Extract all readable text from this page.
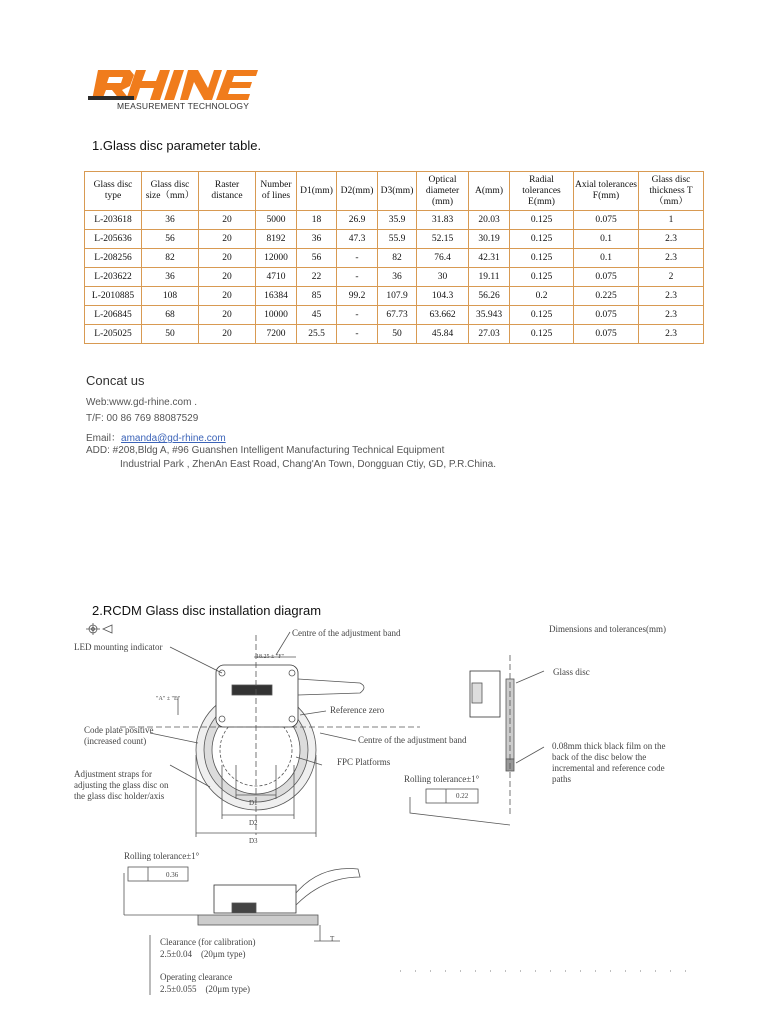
MEASUREMENT TECHNOLOGY
1.Glass disc parameter table.
Glass disc type	Glass disc size（mm）	Raster distance	Number of lines	D1(mm)	D2(mm)	D3(mm)	Optical diameter (mm)	A(mm)	Radial tolerances E(mm)	Axial tolerances F(mm)	Glass disc thickness T（mm）
L-203618	36	20	5000	18	26.9	35.9	31.83	20.03	0.125	0.075	1
L-205636	56	20	8192	36	47.3	55.9	52.15	30.19	0.125	0.1	2.3
L-208256	82	20	12000	56	-	82	76.4	42.31	0.125	0.1	2.3
L-203622	36	20	4710	22	-	36	30	19.11	0.125	0.075	2
L-2010885	108	20	16384	85	99.2	107.9	104.3	56.26	0.2	0.225	2.3
L-206845	68	20	10000	45	-	67.73	63.662	35.943	0.125	0.075	2.3
L-205025	50	20	7200	25.5	-	50	45.84	27.03	0.125	0.075	2.3
Concat us
Web:www.gd-rhine.com .
T/F: 00 86 769 88087529
Email：amanda@gd-rhine.com
ADD: #208,Bldg A, #96 Guanshen Intelligent Manufacturing Technical Equipment
Industrial Park , ZhenAn East Road, Chang'An Town, Dongguan Ctiy, GD, P.R.China.
2.RCDM Glass disc installation diagram
LED mounting indicator
Centre of the adjustment band	Dimensions and tolerances(mm)
18.25 ± "F"
"A" ± "E"
Glass disc
Reference zero
Code plate positive
(increased count)	Centre of the adjustment band
0.08mm thick black film on the
back of the disc below the
incremental and reference code
paths
FPC Platforms
Adjustment straps for
adjusting the glass disc on
the glass disc holder/axis
Rolling tolerance±1°
0.22
D1
D2
D3
Rolling tolerance±1°
0.36
T
Clearance (for calibration)
2.5±0.04　(20μm type)
Operating clearance
2.5±0.055　(20μm type)
